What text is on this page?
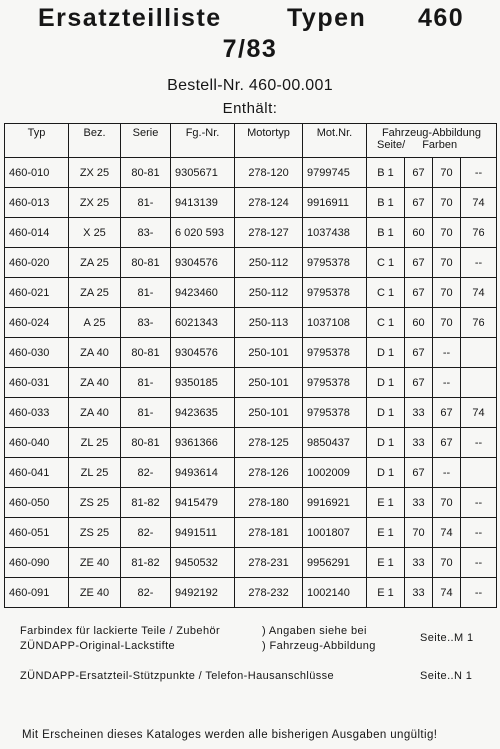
Ersatzteilliste	Typen 460
7/83
Bestell-Nr. 460-00.001
Enthält:
Typ	Bez.	Serie	Fg.-Nr.	Motortyp	Mot.Nr.	Fahrzeug-Abbildung
Seite/ Farben			

460-010	ZX 25	80-81	9305671	278-120	9799745	B 1	67	70	--
460-013	ZX 25	81-	9413139	278-124	9916911	B 1	67	70	74
460-014	X 25	83-	6 020 593	278-127	1037438	B 1	60	70	76
460-020	ZA 25	80-81	9304576	250-112	9795378	C 1	67	70	--
460-021	ZA 25	81-	9423460	250-112	9795378	C 1	67	70	74
460-024	A 25	83-	6021343	250-113	1037108	C 1	60	70	76
460-030	ZA 40	80-81	9304576	250-101	9795378	D 1	67	--	
460-031	ZA 40	81-	9350185	250-101	9795378	D 1	67	--	
460-033	ZA 40	81-	9423635	250-101	9795378	D 1	33	67	74
460-040	ZL 25	80-81	9361366	278-125	9850437	D 1	33	67	--
460-041	ZL 25	82-	9493614	278-126	1002009	D 1	67	--	
460-050	ZS 25	81-82	9415479	278-180	9916921	E 1	33	70	--
460-051	ZS 25	82-	9491511	278-181	1001807	E 1	70	74	--
460-090	ZE 40	81-82	9450532	278-231	9956291	E 1	33	70	--
460-091	ZE 40	82-	9492192	278-232	1002140	E 1	33	74	--
Farbindex für lackierte Teile / Zubehör	) Angaben siehe bei
ZÜNDAPP-Original-Lackstifte	) Fahrzeug-Abbildung
Seite..M 1
ZÜNDAPP-Ersatzteil-Stützpunkte / Telefon-Hausanschlüsse	Seite..N 1
Mit Erscheinen dieses Kataloges werden alle bisherigen Ausgaben ungültig!
